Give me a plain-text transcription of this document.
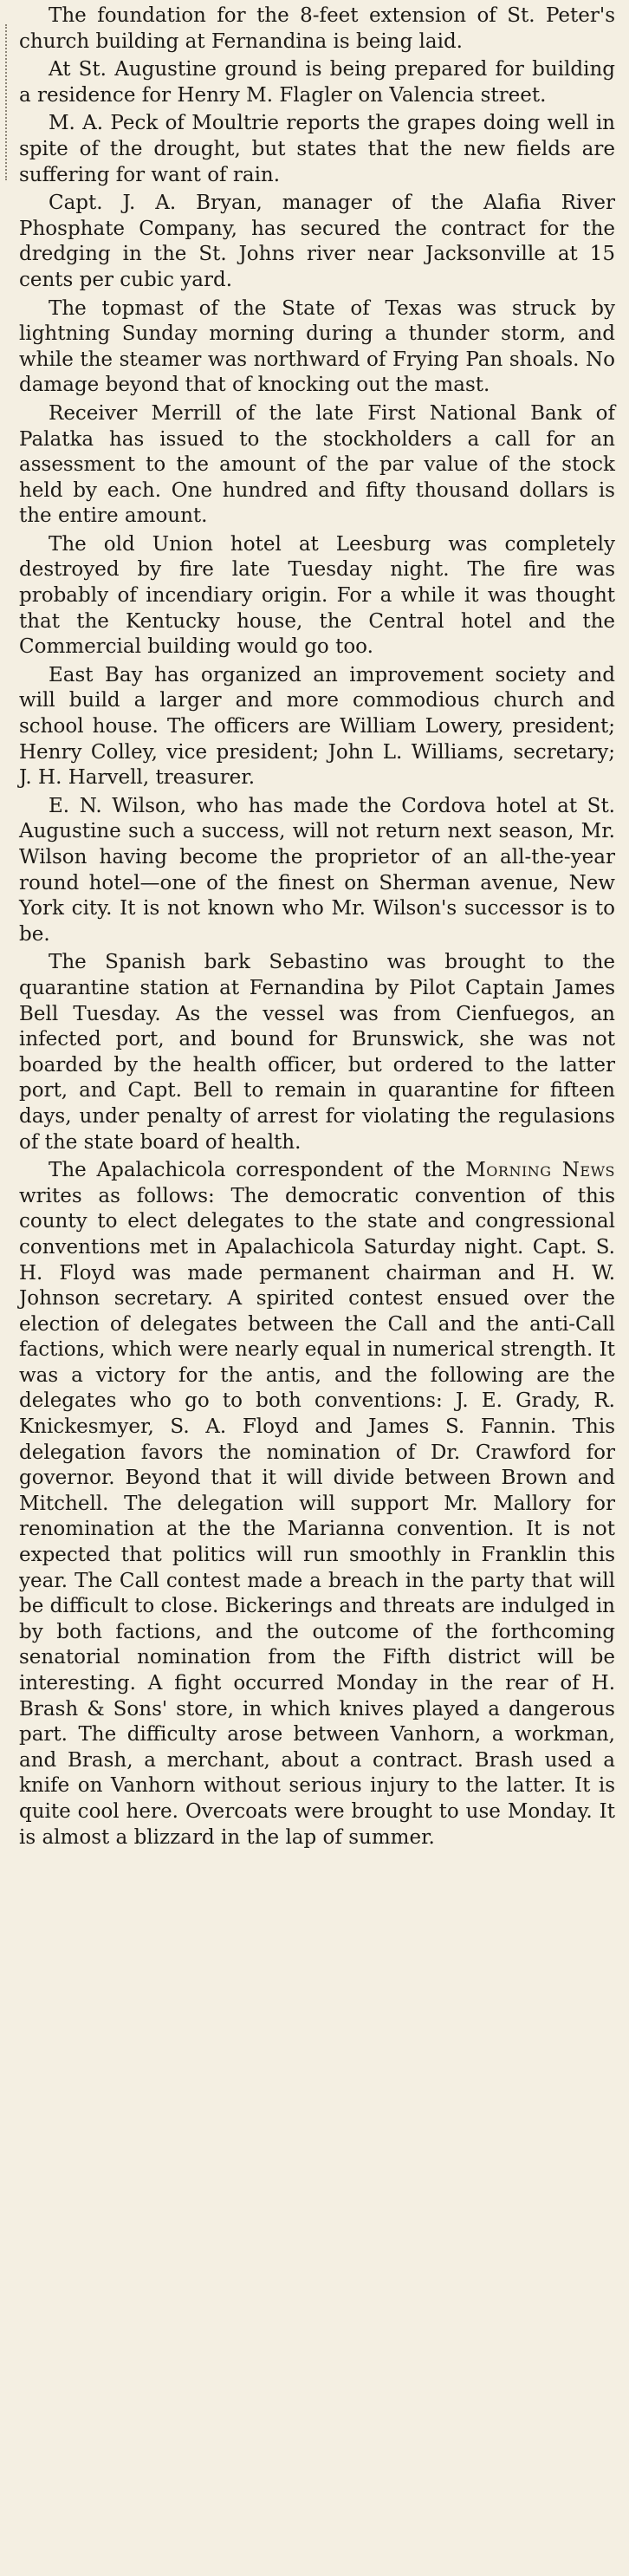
The foundation for the 8-feet extension of St. Peter's church building at Fernandina is being laid.

At St. Augustine ground is being prepared for building a residence for Henry M. Flagler on Valencia street.

M. A. Peck of Moultrie reports the grapes doing well in spite of the drought, but states that the new fields are suffering for want of rain.

Capt. J. A. Bryan, manager of the Alafia River Phosphate Company, has secured the contract for the dredging in the St. Johns river near Jacksonville at 15 cents per cubic yard.

The topmast of the State of Texas was struck by lightning Sunday morning during a thunder storm, and while the steamer was northward of Frying Pan shoals. No damage beyond that of knocking out the mast.

Receiver Merrill of the late First National Bank of Palatka has issued to the stockholders a call for an assessment to the amount of the par value of the stock held by each. One hundred and fifty thousand dollars is the entire amount.

The old Union hotel at Leesburg was completely destroyed by fire late Tuesday night. The fire was probably of incendiary origin. For a while it was thought that the Kentucky house, the Central hotel and the Commercial building would go too.

East Bay has organized an improvement society and will build a larger and more commodious church and school house. The officers are William Lowery, president; Henry Colley, vice president; John L. Williams, secretary; J. H. Harvell, treasurer.

E. N. Wilson, who has made the Cordova hotel at St. Augustine such a success, will not return next season, Mr. Wilson having become the proprietor of an all-the-year round hotel—one of the finest on Sherman avenue, New York city. It is not known who Mr. Wilson's successor is to be.

The Spanish bark Sebastino was brought to the quarantine station at Fernandina by Pilot Captain James Bell Tuesday. As the vessel was from Cienfuegos, an infected port, and bound for Brunswick, she was not boarded by the health officer, but ordered to the latter port, and Capt. Bell to remain in quarantine for fifteen days, under penalty of arrest for violating the regulasions of the state board of health.

The Apalachicola correspondent of the Morning News writes as follows: The democratic convention of this county to elect delegates to the state and congressional conventions met in Apalachicola Saturday night. Capt. S. H. Floyd was made permanent chairman and H. W. Johnson secretary. A spirited contest ensued over the election of delegates between the Call and the anti-Call factions, which were nearly equal in numerical strength. It was a victory for the antis, and the following are the delegates who go to both conventions: J. E. Grady, R. Knickesmyer, S. A. Floyd and James S. Fannin. This delegation favors the nomination of Dr. Crawford for governor. Beyond that it will divide between Brown and Mitchell. The delegation will support Mr. Mallory for renomination at the the Marianna convention. It is not expected that politics will run smoothly in Franklin this year. The Call contest made a breach in the party that will be difficult to close. Bickerings and threats are indulged in by both factions, and the outcome of the forthcoming senatorial nomination from the Fifth district will be interesting. A fight occurred Monday in the rear of H. Brash & Sons' store, in which knives played a dangerous part. The difficulty arose between Vanhorn, a workman, and Brash, a merchant, about a contract. Brash used a knife on Vanhorn without serious injury to the latter. It is quite cool here. Overcoats were brought to use Monday. It is almost a blizzard in the lap of summer.
